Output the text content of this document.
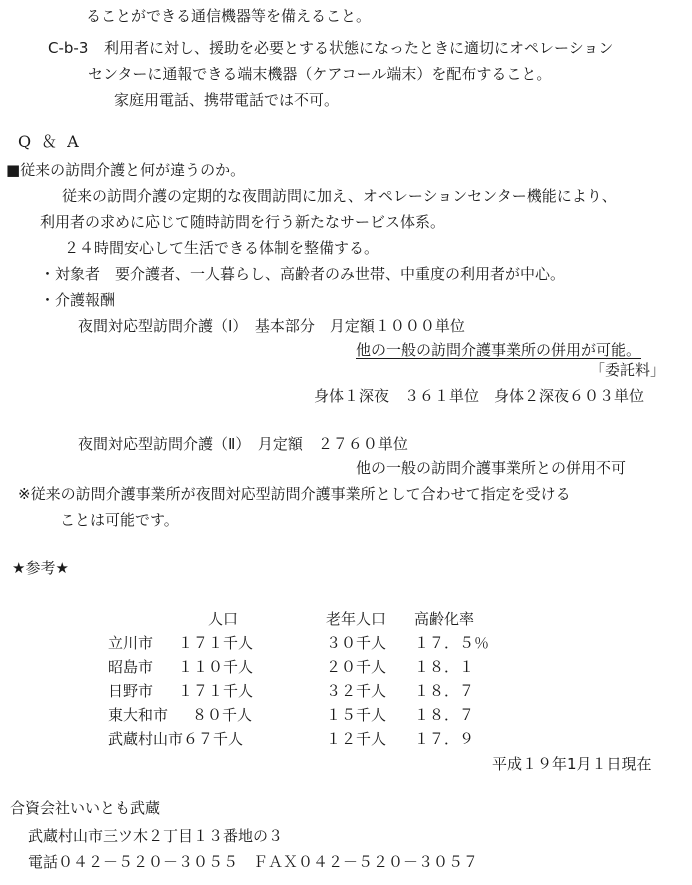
ることができる通信機器等を備えること。
C-b-3 利用者に対し、援助を必要とする状態になったときに適切にオペレーション
センターに通報できる端末機器（ケアコール端末）を配布すること。
家庭用電話、携帯電話では不可。
Q＆A
■従来の訪問介護と何が違うのか。
従来の訪問介護の定期的な夜間訪問に加え、オペレーションセンター機能により、
利用者の求めに応じて随時訪問を行う新たなサービス体系。
２４時間安心して生活できる体制を整備する。
・対象者　要介護者、一人暮らし、高齢者のみ世帯、中重度の利用者が中心。
・介護報酬
夜間対応型訪問介護（Ⅰ）　基本部分　月定額１０００単位
他の一般の訪問介護事業所の併用が可能。
「委託料」
身体１深夜　３６１単位　身体２深夜６０３単位
夜間対応型訪問介護（Ⅱ）　月定額　２７６０単位
他の一般の訪問介護事業所との併用不可
※従来の訪問介護事業所が夜間対応型訪問介護事業所として合わせて指定を受ける
ことは可能です。
★参考★
	人口	老年人口	高齢化率
立川市	１７１千人	３０千人	１７．５％
昭島市	１１０千人	２０千人	１８．１
日野市	１７１千人	３２千人	１８．７
東大和市	８０千人	１５千人	１８．７
武蔵村山市６７千人		１２千人	１７．９
平成１９年1月１日現在
合資会社いいとも武蔵
武蔵村山市三ツ木２丁目１３番地の３
電話０４２－５２０－３０５５　ＦＡＸ０４２－５２０－３０５７
